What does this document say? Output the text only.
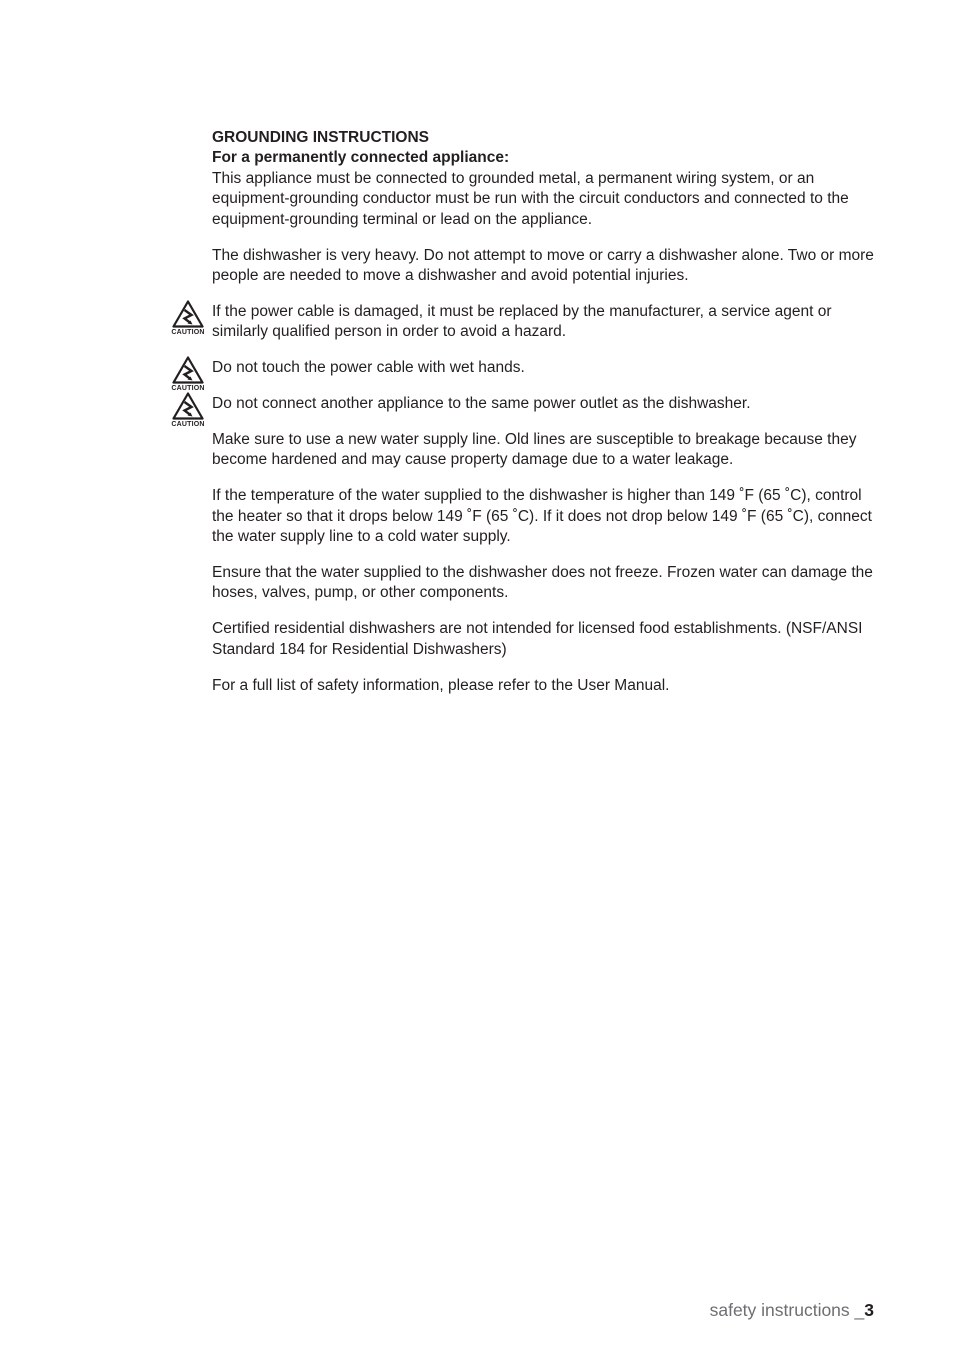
GROUNDING INSTRUCTIONS

For a permanently connected appliance:

This appliance must be connected to grounded metal, a permanent wiring system, or an equipment-grounding conductor must be run with the circuit conductors and connected to the equipment-grounding terminal or lead on the appliance.

The dishwasher is very heavy. Do not attempt to move or carry a dishwasher alone. Two or more people are needed to move a dishwasher and avoid potential injuries.

CAUTION

If the power cable is damaged, it must be replaced by the manufacturer, a service agent or similarly qualified person in order to avoid a hazard.

CAUTION

Do not touch the power cable with wet hands.

CAUTION

Do not connect another appliance to the same power outlet as the dishwasher.

Make sure to use a new water supply line. Old lines are susceptible to breakage because they become hardened and may cause property damage due to a water leakage.

If the temperature of the water supplied to the dishwasher is higher than 149 ˚F (65 ˚C), control the heater so that it drops below 149 ˚F (65 ˚C). If it does not drop below 149 ˚F (65 ˚C), connect the water supply line to a cold water supply.

Ensure that the water supplied to the dishwasher does not freeze. Frozen water can damage the hoses, valves, pump, or other components.

Certified residential dishwashers are not intended for licensed food establishments. (NSF/ANSI Standard 184 for Residential Dishwashers)

For a full list of safety information, please refer to the User Manual.

safety instructions _3
